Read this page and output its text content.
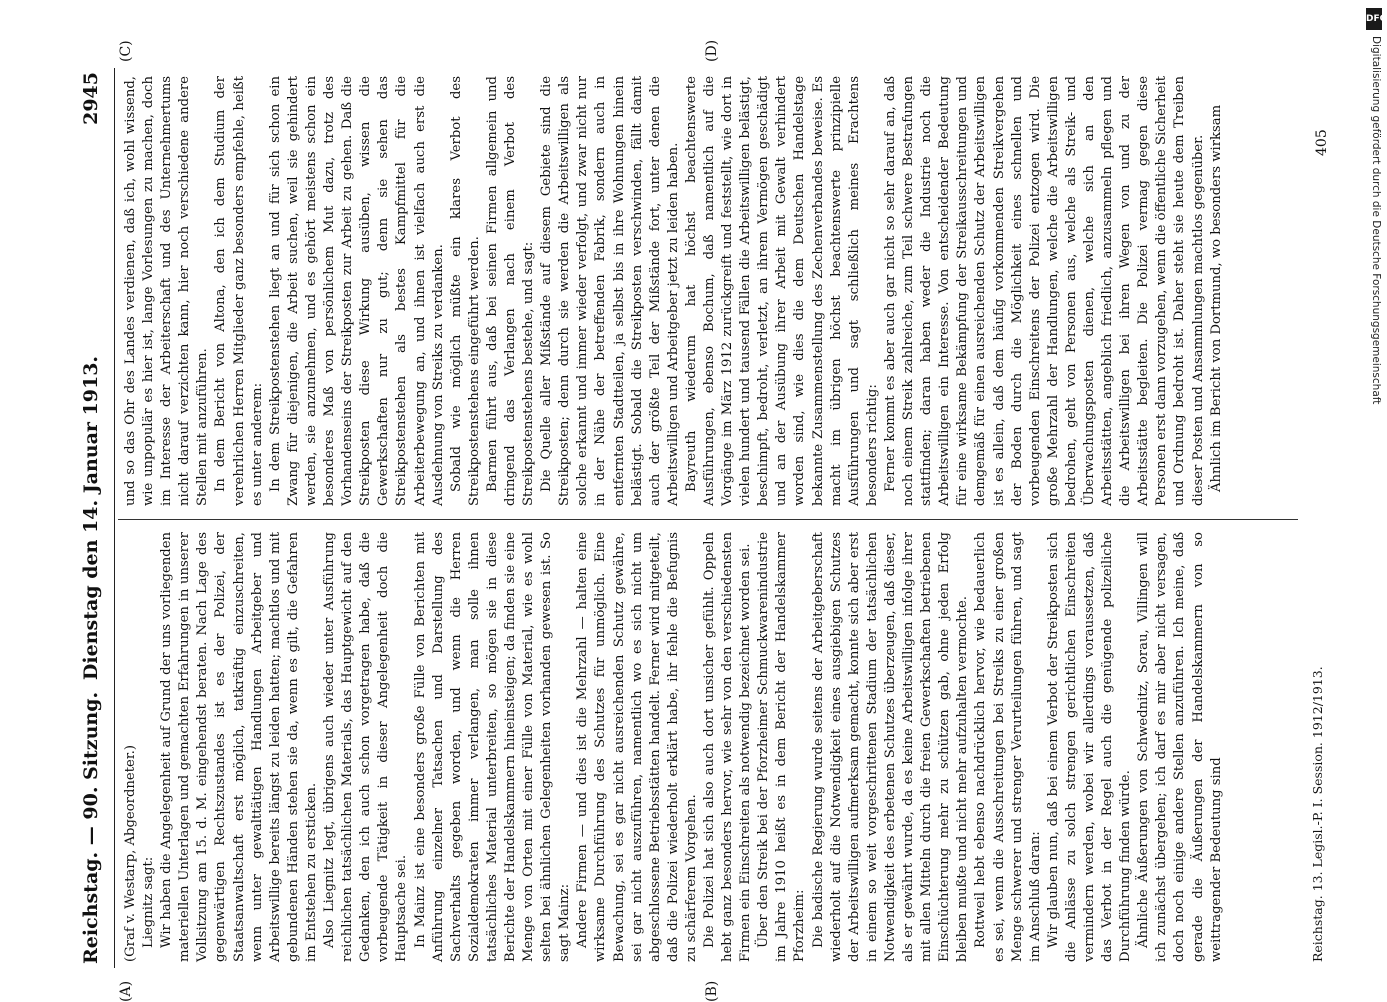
Reichstag. — 90. Sitzung.
Dienstag den 14. Januar 1913.
2945
(A)	(B)
(C)	(D)

(Graf v. Westarp, Abgeordneter.) Liegnitz sagt: Wir haben die Angelegenheit auf Grund der uns vorliegenden materiellen Unterlagen und gemachten Erfahrungen in unserer Vollsitzung am 15. d. M. eingehendst beraten. Nach Lage des gegenwärtigen Rechtszustandes ist es der Polizei, der Staatsanwaltschaft erst möglich, tatkräftig einzuschreiten, wenn unter gewalttätigen Handlungen Arbeitgeber und Arbeitswillige bereits längst zu leiden hatten; machtlos und mit gebundenen Händen stehen sie da, wenn es gilt, die Gefahren im Entstehen zu ersticken. Also Liegnitz legt, übrigens auch wieder unter Ausführung reichlichen tatsächlichen Materials, das Hauptgewicht auf den Gedanken, den ich auch schon vorgetragen habe, daß die vorbeugende Tätigkeit in dieser Angelegenheit doch die Hauptsache sei. In Mainz ist eine besonders große Fülle von Berichten mit Anführung einzelner Tatsachen und Darstellung des Sachverhalts gegeben worden, und wenn die Herren Sozialdemokraten immer verlangen, man solle ihnen tatsächliches Material unterbreiten, so mögen sie in diese Berichte der Handelskammern hineinsteigen; da finden sie eine Menge von Orten mit einer Fülle von Material, wie es wohl selten bei ähnlichen Gelegenheiten vorhanden gewesen ist. So sagt Mainz: Andere Firmen — und dies ist die Mehrzahl — halten eine wirksame Durchführung des Schutzes für unmöglich. Eine Bewachung, sei es gar nicht ausreichenden Schutz gewähre, sei gar nicht auszuführen, namentlich wo es sich nicht um abgeschlossene Betriebsstätten handelt. Ferner wird mitgeteilt, daß die Polizei wiederholt erklärt habe, ihr fehle die Befugnis zu schärferem Vorgehen. Die Polizei hat sich also auch dort unsicher gefühlt. Oppeln hebt ganz besonders hervor, wie sehr von den verschiedensten Firmen ein Einschreiten als notwendig bezeichnet worden sei. Über den Streik bei der Pforzheimer Schmuckwarenindustrie im Jahre 1910 heißt es in dem Bericht der Handelskammer Pforzheim: Die badische Regierung wurde seitens der Arbeitgeberschaft wiederholt auf die Notwendigkeit eines ausgiebigen Schutzes der Arbeitswilligen aufmerksam gemacht, konnte sich aber erst in einem so weit vorgeschrittenen Stadium der tatsächlichen Notwendigkeit des erbetenen Schutzes überzeugen, daß dieser, als er gewährt wurde, da es keine Arbeitswilligen infolge ihrer mit allen Mitteln durch die freien Gewerkschaften betriebenen Einschüchterung mehr zu schützen gab, ohne jeden Erfolg bleiben mußte und nicht mehr aufzuhalten vermochte. Rottweil hebt ebenso nachdrücklich hervor, wie bedauerlich es sei, wenn die Ausschreitungen bei Streiks zu einer großen Menge schwerer und strenger Verurteilungen führen, und sagt im Anschluß daran: Wir glauben nun, daß bei einem Verbot der Streikposten sich die Anlässe zu solch strengen gerichtlichen Einschreiten vermindern werden, wobei wir allerdings voraussetzen, daß das Verbot in der Regel auch die genügende polizeiliche Durchführung finden würde. Ähnliche Äußerungen von Schwednitz, Sorau, Villingen will ich zunächst übergehen; ich darf es mir aber nicht versagen, doch noch einige andere Stellen anzuführen. Ich meine, daß gerade die Äußerungen der Handelskammern von so weittragender Bedeutung sind

und so das Ohr des Landes verdienen, daß ich, wohl wissend, wie unpopulär es hier ist, lange Vorlesungen zu machen, doch im Interesse der Arbeiterschaft und des Unternehmertums nicht darauf verzichten kann, hier noch verschiedene andere Stellen mit anzuführen. In dem Bericht von Altona, den ich dem Studium der verehrlichen Herren Mitglieder ganz besonders empfehle, heißt es unter anderem: In dem Streikpostenstehen liegt an und für sich schon ein Zwang für diejenigen, die Arbeit suchen, weil sie gehindert werden, sie anzunehmen, und es gehört meistens schon ein besonderes Maß von persönlichem Mut dazu, trotz des Vorhandenseins der Streikposten zur Arbeit zu gehen. Daß die Streikposten diese Wirkung ausüben, wissen die Gewerkschaften nur zu gut; denn sie sehen das Streikpostenstehen als bestes Kampfmittel für die Arbeiterbewegung an, und ihnen ist vielfach auch erst die Ausdehnung von Streiks zu verdanken. Sobald wie möglich müßte ein klares Verbot des Streikpostenstehens eingeführt werden. Barmen führt aus, daß bei seinen Firmen allgemein und dringend das Verlangen nach einem Verbot des Streikpostenstehens bestehe, und sagt: Die Quelle aller Mißstände auf diesem Gebiete sind die Streikposten; denn durch sie werden die Arbeitswilligen als solche erkannt und immer wieder verfolgt, und zwar nicht nur in der Nähe der betreffenden Fabrik, sondern auch in entfernten Stadtteilen, ja selbst bis in ihre Wohnungen hinein belästigt. Sobald die Streikposten verschwinden, fällt damit auch der größte Teil der Mißstände fort, unter denen die Arbeitswilligen und Arbeitgeber jetzt zu leiden haben. Bayreuth wiederum hat höchst beachtenswerte Ausführungen, ebenso Bochum, daß namentlich auf die Vorgänge im März 1912 zurückgreift und feststellt, wie dort in vielen hundert und tausend Fällen die Arbeitswilligen belästigt, beschimpft, bedroht, verletzt, an ihrem Vermögen geschädigt und an der Ausübung ihrer Arbeit mit Gewalt verhindert worden sind, wie dies die dem Deutschen Handelstage bekannte Zusammenstellung des Zechenverbandes beweise. Es macht im übrigen höchst beachtenswerte prinzipielle Ausführungen und sagt schließlich meines Erachtens besonders richtig: Ferner kommt es aber auch gar nicht so sehr darauf an, daß noch einem Streik zahlreiche, zum Teil schwere Bestrafungen stattfinden; daran haben weder die Industrie noch die Arbeitswilligen ein Interesse. Von entscheidender Bedeutung für eine wirksame Bekämpfung der Streikausschreitungen und demgemäß für einen ausreichenden Schutz der Arbeitswilligen ist es allein, daß dem häufig vorkommenden Streikvergehen der Boden durch die Möglichkeit eines schnellen und vorbeugenden Einschreitens der Polizei entzogen wird. Die große Mehrzahl der Handlungen, welche die Arbeitswilligen bedrohen, geht von Personen aus, welche als Streik- und Überwachungsposten dienen, welche sich an den Arbeitsstätten, angeblich friedlich, anzusammeln pflegen und die Arbeitswilligen bei ihren Wegen von und zu der Arbeitsstätte begleiten. Die Polizei vermag gegen diese Personen erst dann vorzugehen, wenn die öffentliche Sicherheit und Ordnung bedroht ist. Daher steht sie heute dem Treiben dieser Posten und Ansammlungen machtlos gegenüber. Ähnlich im Bericht von Dortmund, wo besonders wirksam

Reichstag. 13. Legisl.-P. I. Session. 1912/1913.
405
DFG
Digitalisierung gefördert durch die Deutsche Forschungsgemeinschaft
